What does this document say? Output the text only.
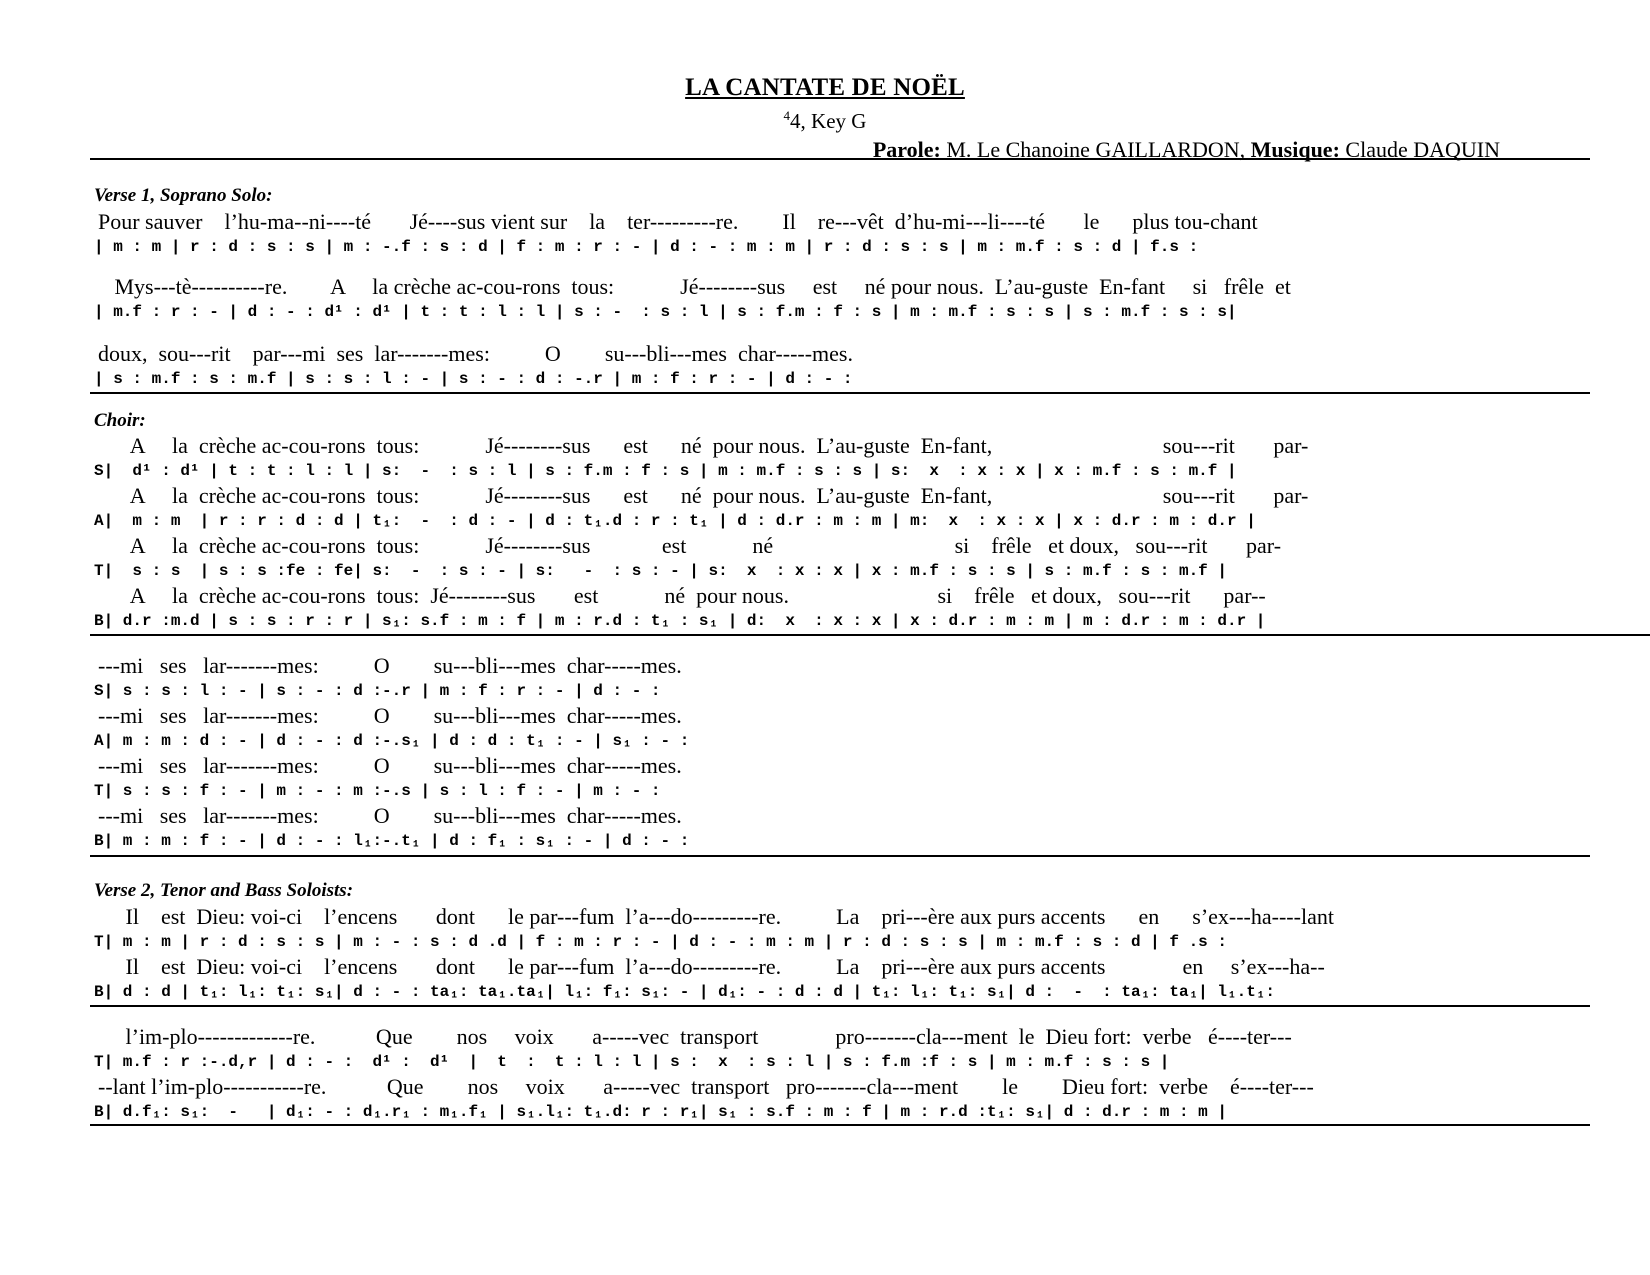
LA CANTATE DE NOËL
$^4$4, Key G
Parole: M. Le Chanoine GAILLARDON, Musique: Claude DAQUIN
Verse 1, Soprano Solo:
Pour sauver    l’hu-ma--ni----té       Jé----sus vient sur    la    ter---------re.        Il    re---vêt  d’hu-mi---li----té       le      plus tou-chant
| m : m | r : d : s : s | m : -.f : s : d | f : m : r : - | d : - : m : m | r : d : s : s | m : m.f : s : d | f.s :
Mys---tè----------re.        A     la crèche ac-cou-rons  tous:            Jé--------sus     est     né pour nous.  L’au-guste  En-fant     si   frêle  et
| m.f : r : - | d : - : d¹ : d¹ | t : t : l : l | s : -  : s : l | s : f.m : f : s | m : m.f : s : s | s : m.f : s : s|
doux,  sou---rit    par---mi  ses  lar-------mes:          O        su---bli---mes  char-----mes.
| s : m.f : s : m.f | s : s : l : - | s : - : d : -.r | m : f : r : - | d : - :
Choir:
A     la  crèche ac-cou-rons  tous:            Jé--------sus      est      né  pour nous.  L’au-guste  En-fant,                               sou---rit       par-
S|  d¹ : d¹ | t : t : l : l | s:  -  : s : l | s : f.m : f : s | m : m.f : s : s | s:  x  : x : x | x : m.f : s : m.f |
A     la  crèche ac-cou-rons  tous:            Jé--------sus      est      né  pour nous.  L’au-guste  En-fant,                               sou---rit       par-
A|  m : m  | r : r : d : d | t₁:  -  : d : - | d : t₁.d : r : t₁ | d : d.r : m : m | m:  x  : x : x | x : d.r : m : d.r |
A     la  crèche ac-cou-rons  tous:            Jé--------sus             est            né                                 si    frêle   et doux,   sou---rit       par-
T|  s : s  | s : s :fe : fe| s:  -  : s : - | s:   -  : s : - | s:  x  : x : x | x : m.f : s : s | s : m.f : s : m.f |
A     la  crèche ac-cou-rons  tous:  Jé--------sus       est            né  pour nous.                           si    frêle   et doux,   sou---rit      par--
B| d.r :m.d | s : s : r : r | s₁: s.f : m : f | m : r.d : t₁ : s₁ | d:  x  : x : x | x : d.r : m : m | m : d.r : m : d.r |
---mi   ses   lar-------mes:          O        su---bli---mes  char-----mes.
S| s : s : l : - | s : - : d :-.r | m : f : r : - | d : - :
---mi   ses   lar-------mes:          O        su---bli---mes  char-----mes.
A| m : m : d : - | d : - : d :-.s₁ | d : d : t₁ : - | s₁ : - :
---mi   ses   lar-------mes:          O        su---bli---mes  char-----mes.
T| s : s : f : - | m : - : m :-.s | s : l : f : - | m : - :
---mi   ses   lar-------mes:          O        su---bli---mes  char-----mes.
B| m : m : f : - | d : - : l₁:-.t₁ | d : f₁ : s₁ : - | d : - :
Verse 2, Tenor and Bass Soloists:
Il    est  Dieu: voi-ci    l’encens       dont      le par---fum  l’a---do---------re.          La    pri---ère aux purs accents      en      s’ex---ha----lant
T| m : m | r : d : s : s | m : - : s : d .d | f : m : r : - | d : - : m : m | r : d : s : s | m : m.f : s : d | f .s :
Il    est  Dieu: voi-ci    l’encens       dont      le par---fum  l’a---do---------re.          La    pri---ère aux purs accents              en     s’ex---ha--
B| d : d | t₁: l₁: t₁: s₁| d : - : ta₁: ta₁.ta₁| l₁: f₁: s₁: - | d₁: - : d : d | t₁: l₁: t₁: s₁| d :  -  : ta₁: ta₁| l₁.t₁:
l’im-plo-------------re.           Que        nos     voix       a-----vec  transport              pro-------cla---ment  le  Dieu fort:  verbe   é----ter---
T| m.f : r :-.d,r | d : - :  d¹ :  d¹  |  t  :  t : l : l | s :  x  : s : l | s : f.m :f : s | m : m.f : s : s |
--lant l’im-plo-----------re.           Que        nos     voix       a-----vec  transport   pro-------cla---ment        le        Dieu fort:  verbe    é----ter---
B| d.f₁: s₁:  -   | d₁: - : d₁.r₁ : m₁.f₁ | s₁.l₁: t₁.d: r : r₁| s₁ : s.f : m : f | m : r.d :t₁: s₁| d : d.r : m : m |
